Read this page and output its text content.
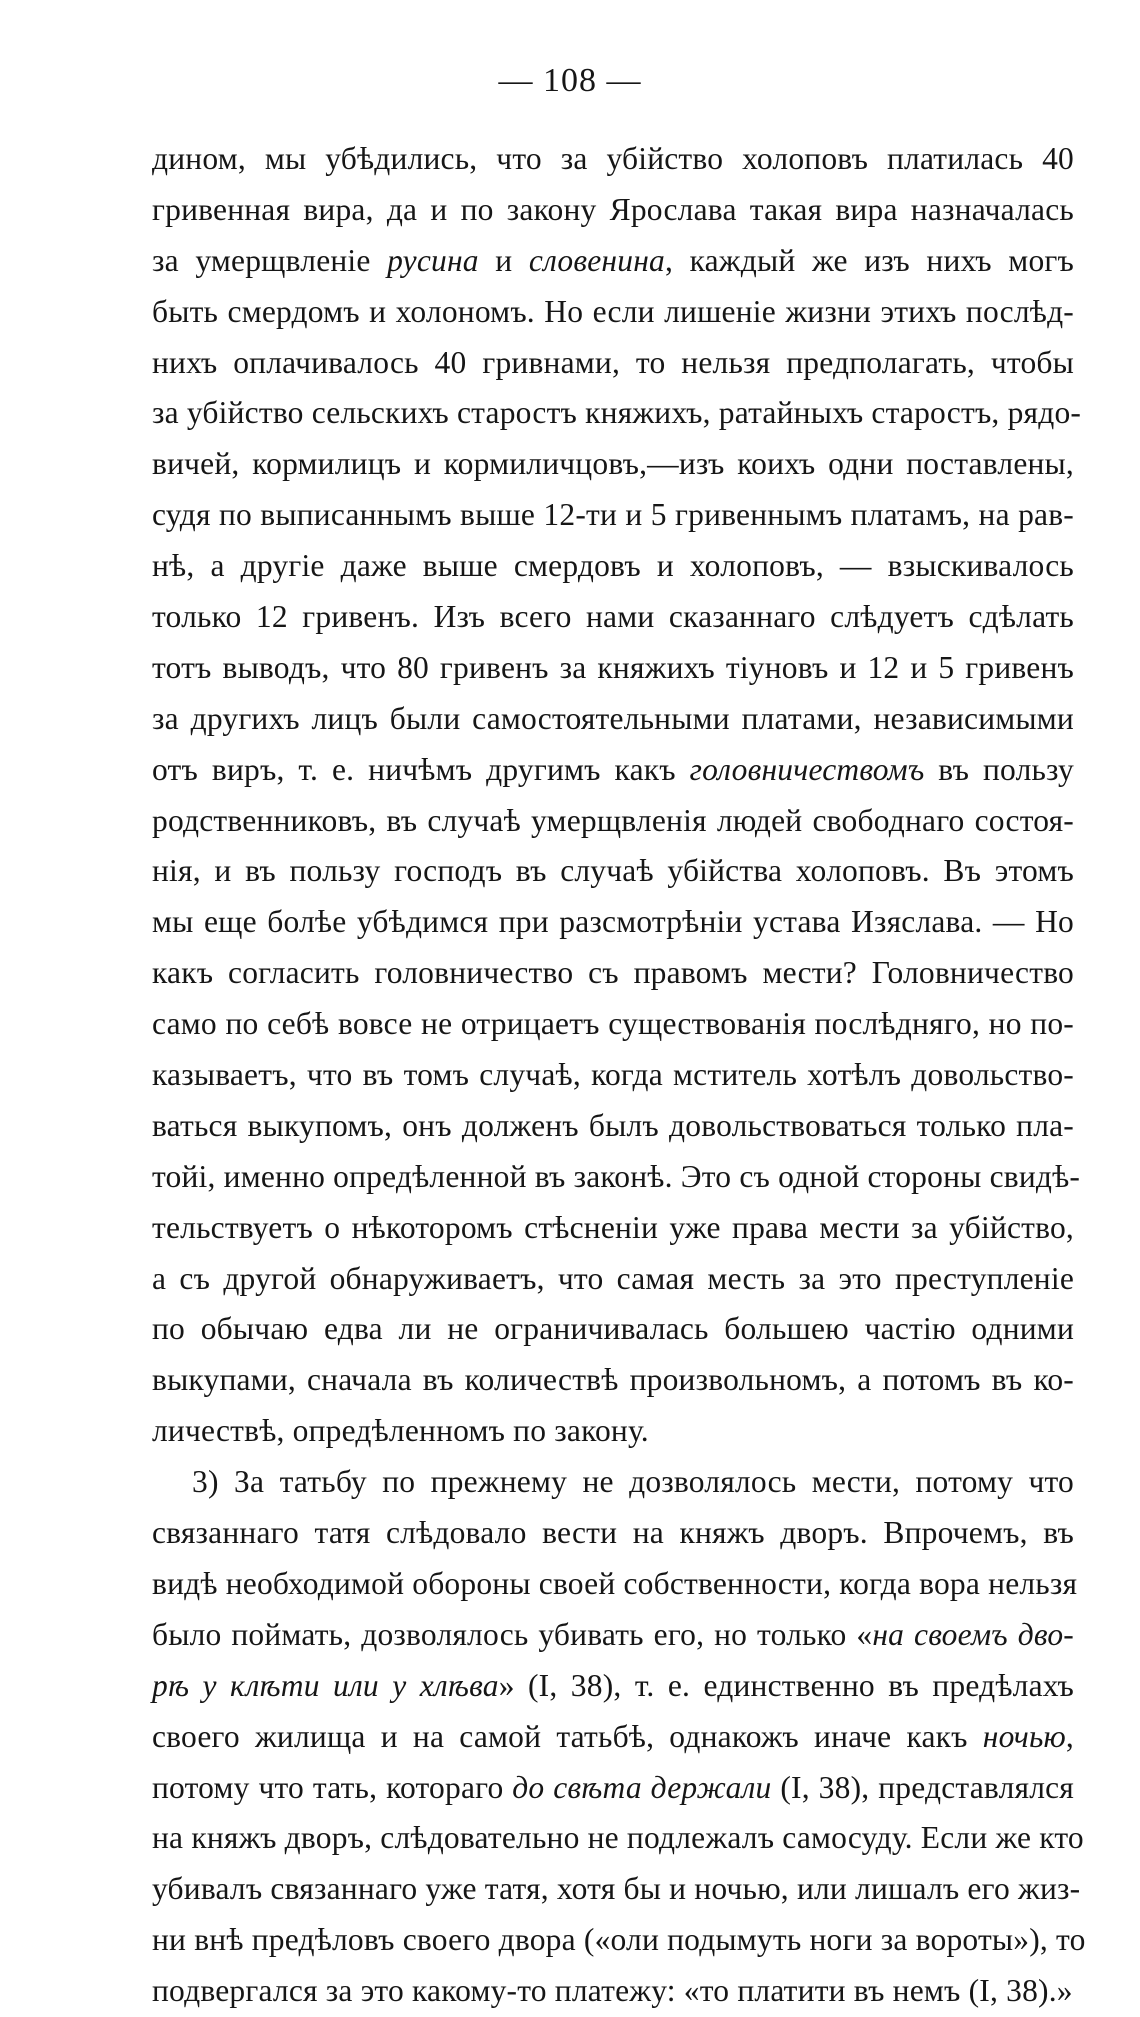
— 108 —
дином, мы убѣдились, что за убійство холоповъ платилась 40
гривенная вира, да и по закону Ярослава такая вира назначалась
за умерщвленіе русина и словенина, каждый же изъ нихъ могъ
быть смердомъ и холономъ. Но если лишеніе жизни этихъ послѣд-
нихъ оплачивалось 40 гривнами, то нельзя предполагать, чтобы
за убійство сельскихъ старостъ княжихъ, ратайныхъ старостъ, рядо-
вичей, кормилицъ и кормиличцовъ,—изъ коихъ одни поставлены,
судя по выписаннымъ выше 12-ти и 5 гривеннымъ платамъ, на рав-
нѣ, а другіе даже выше смердовъ и холоповъ, — взыскивалось
только 12 гривенъ. Изъ всего нами сказаннаго слѣдуетъ сдѣлать
тотъ выводъ, что 80 гривенъ за княжихъ тіуновъ и 12 и 5 гривенъ
за другихъ лицъ были самостоятельными платами, независимыми
отъ виръ, т. е. ничѣмъ другимъ какъ головничествомъ въ пользу
родственниковъ, въ случаѣ умерщвленія людей свободнаго состоя-
нія, и въ пользу господъ въ случаѣ убійства холоповъ. Въ этомъ
мы еще болѣе убѣдимся при разсмотрѣніи устава Изяслава. — Но
какъ согласить головничество съ правомъ мести? Головничество
само по себѣ вовсе не отрицаетъ существованія послѣдняго, но по-
казываетъ, что въ томъ случаѣ, когда мститель хотѣлъ довольство-
ваться выкупомъ, онъ долженъ былъ довольствоваться только пла-
тойі, именно опредѣленной въ законѣ. Это съ одной стороны свидѣ-
тельствуетъ о нѣкоторомъ стѣсненіи уже права мести за убійство,
а съ другой обнаруживаетъ, что самая месть за это преступленіе
по обычаю едва ли не ограничивалась большею частію одними
выкупами, сначала въ количествѣ произвольномъ, а потомъ въ ко-
личествѣ, опредѣленномъ по закону.
3) За татьбу по прежнему не дозволялось мести, потому что
связаннаго татя слѣдовало вести на княжъ дворъ. Впрочемъ, въ
видѣ необходимой обороны своей собственности, когда вора нельзя
было поймать, дозволялось убивать его, но только «на своемъ дво-
рѣ у клѣти или у хлѣва» (I, 38), т. е. единственно въ предѣлахъ
своего жилища и на самой татьбѣ, однакожъ иначе какъ ночью,
потому что тать, котораго до свѣта держали (I, 38), представлялся
на княжъ дворъ, слѣдовательно не подлежалъ самосуду. Если же кто
убивалъ связаннаго уже татя, хотя бы и ночью, или лишалъ его жиз-
ни внѣ предѣловъ своего двора («оли подымуть ноги за вороты»), то
подвергался за это какому-то платежу: «то платити въ немъ (I, 38).»
